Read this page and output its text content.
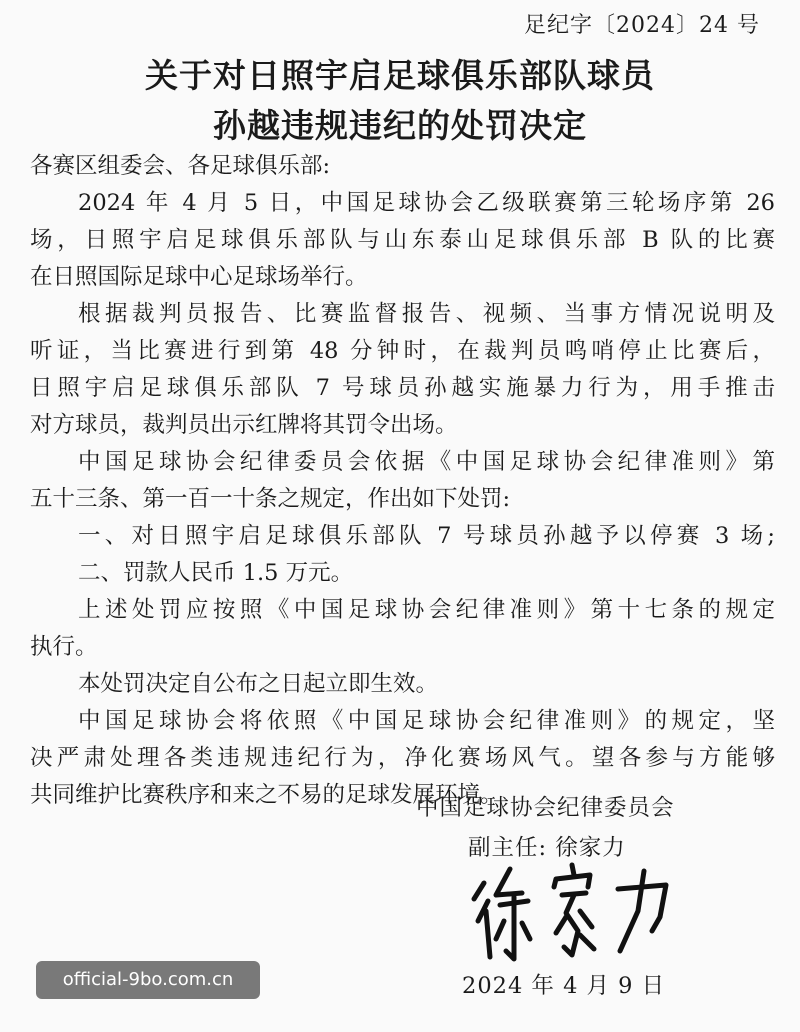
足纪字〔2024〕24 号
关于对日照宇启足球俱乐部队球员
孙越违规违纪的处罚决定
各赛区组委会、各足球俱乐部:
2024 年 4 月 5 日，中国足球协会乙级联赛第三轮场序第 26
场，日照宇启足球俱乐部队与山东泰山足球俱乐部 B 队的比赛
在日照国际足球中心足球场举行。
根据裁判员报告、比赛监督报告、视频、当事方情况说明及
听证，当比赛进行到第 48 分钟时，在裁判员鸣哨停止比赛后，
日照宇启足球俱乐部队 7 号球员孙越实施暴力行为，用手推击
对方球员，裁判员出示红牌将其罚令出场。
中国足球协会纪律委员会依据《中国足球协会纪律准则》第
五十三条、第一百一十条之规定，作出如下处罚:
一、对日照宇启足球俱乐部队 7 号球员孙越予以停赛 3 场;
二、罚款人民币 1.5 万元。
上述处罚应按照《中国足球协会纪律准则》第十七条的规定
执行。
本处罚决定自公布之日起立即生效。
中国足球协会将依照《中国足球协会纪律准则》的规定，坚
决严肃处理各类违规违纪行为，净化赛场风气。望各参与方能够
共同维护比赛秩序和来之不易的足球发展环境。
中国足球协会纪律委员会
副主任: 徐家力
2024 年 4 月 9 日
official-9bo.com.cn
